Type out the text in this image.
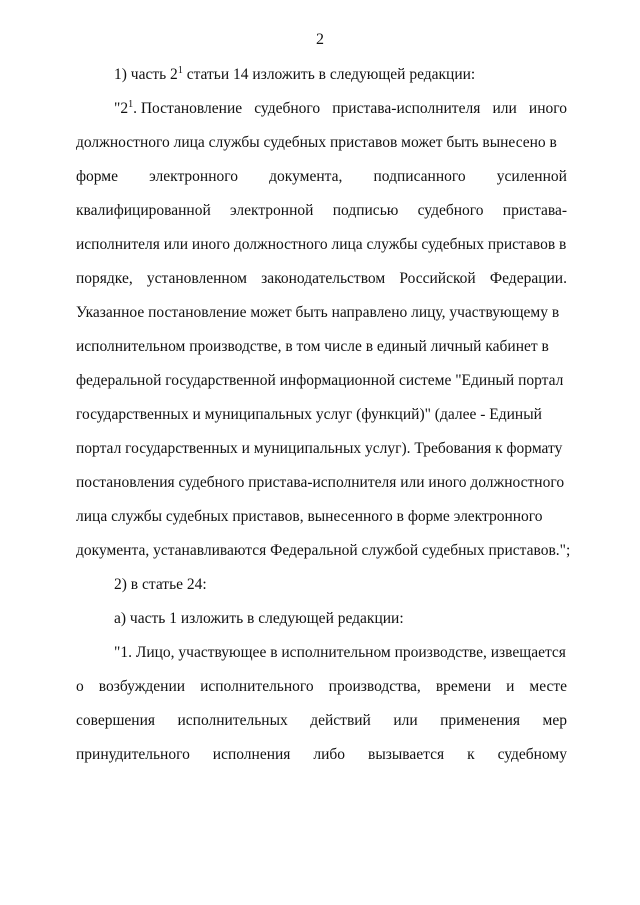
2
1) часть $2^1$ статьи 14 изложить в следующей редакции:
"$2^1$. Постановление судебного пристава-исполнителя или иного
должностного лица службы судебных приставов может быть вынесено в
форме электронного документа, подписанного усиленной
квалифицированной электронной подписью судебного пристава-
исполнителя или иного должностного лица службы судебных приставов в
порядке, установленном законодательством Российской Федерации.
Указанное постановление может быть направлено лицу, участвующему в
исполнительном производстве, в том числе в единый личный кабинет в
федеральной государственной информационной системе "Единый портал
государственных и муниципальных услуг (функций)" (далее - Единый
портал государственных и муниципальных услуг). Требования к формату
постановления судебного пристава-исполнителя или иного должностного
лица службы судебных приставов, вынесенного в форме электронного
документа, устанавливаются Федеральной службой судебных приставов.";
2) в статье 24:
а) часть 1 изложить в следующей редакции:
"1. Лицо, участвующее в исполнительном производстве, извещается
о возбуждении исполнительного производства, времени и месте
совершения исполнительных действий или применения мер
принудительного исполнения либо вызывается к судебному
